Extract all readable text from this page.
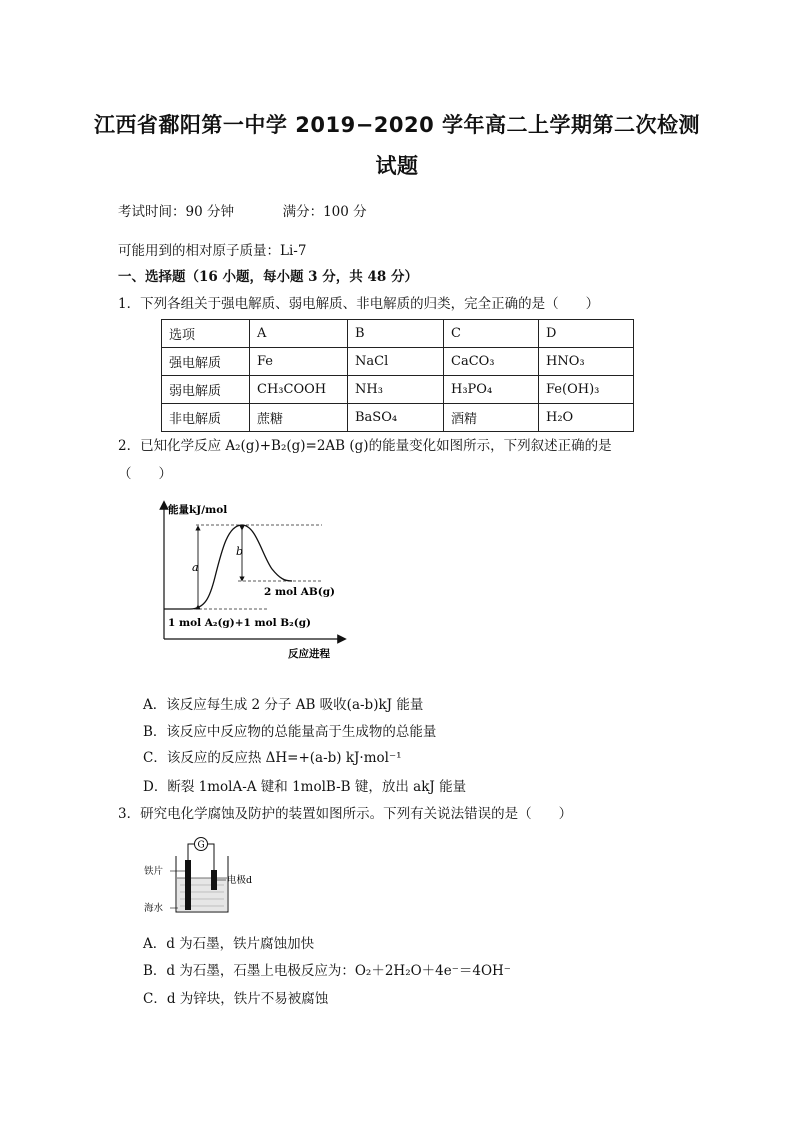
江西省鄱阳第一中学 2019−2020 学年高二上学期第二次检测
试题
考试时间：90 分钟	满分：100 分
可能用到的相对原子质量：Li-7
一、选择题（16 小题，每小题 3 分，共 48 分）
1．下列各组关于强电解质、弱电解质、非电解质的归类，完全正确的是（　　）
选项	A	B	C	D
强电解质	Fe	NaCl	CaCO₃	HNO₃
弱电解质	CH₃COOH	NH₃	H₃PO₄	Fe(OH)₃
非电解质	蔗糖	BaSO₄	酒精	H₂O
2．已知化学反应 A₂(g)+B₂(g)=2AB (g)的能量变化如图所示，下列叙述正确的是
（　　）
能量kJ/mol
a
b
2 mol AB(g)
1 mol A₂(g)+1 mol B₂(g)
反应进程
A．该反应每生成 2 分子 AB 吸收(a-b)kJ 能量
B．该反应中反应物的总能量高于生成物的总能量
C．该反应的反应热 ΔH=+(a-b) kJ·mol⁻¹
D．断裂 1molA-A 键和 1molB-B 键，放出 akJ 能量
3．研究电化学腐蚀及防护的装置如图所示。下列有关说法错误的是（　　）
G
铁片
电极d
海水
A．d 为石墨，铁片腐蚀加快
B．d 为石墨，石墨上电极反应为：O₂＋2H₂O＋4e⁻＝4OH⁻
C．d 为锌块，铁片不易被腐蚀
